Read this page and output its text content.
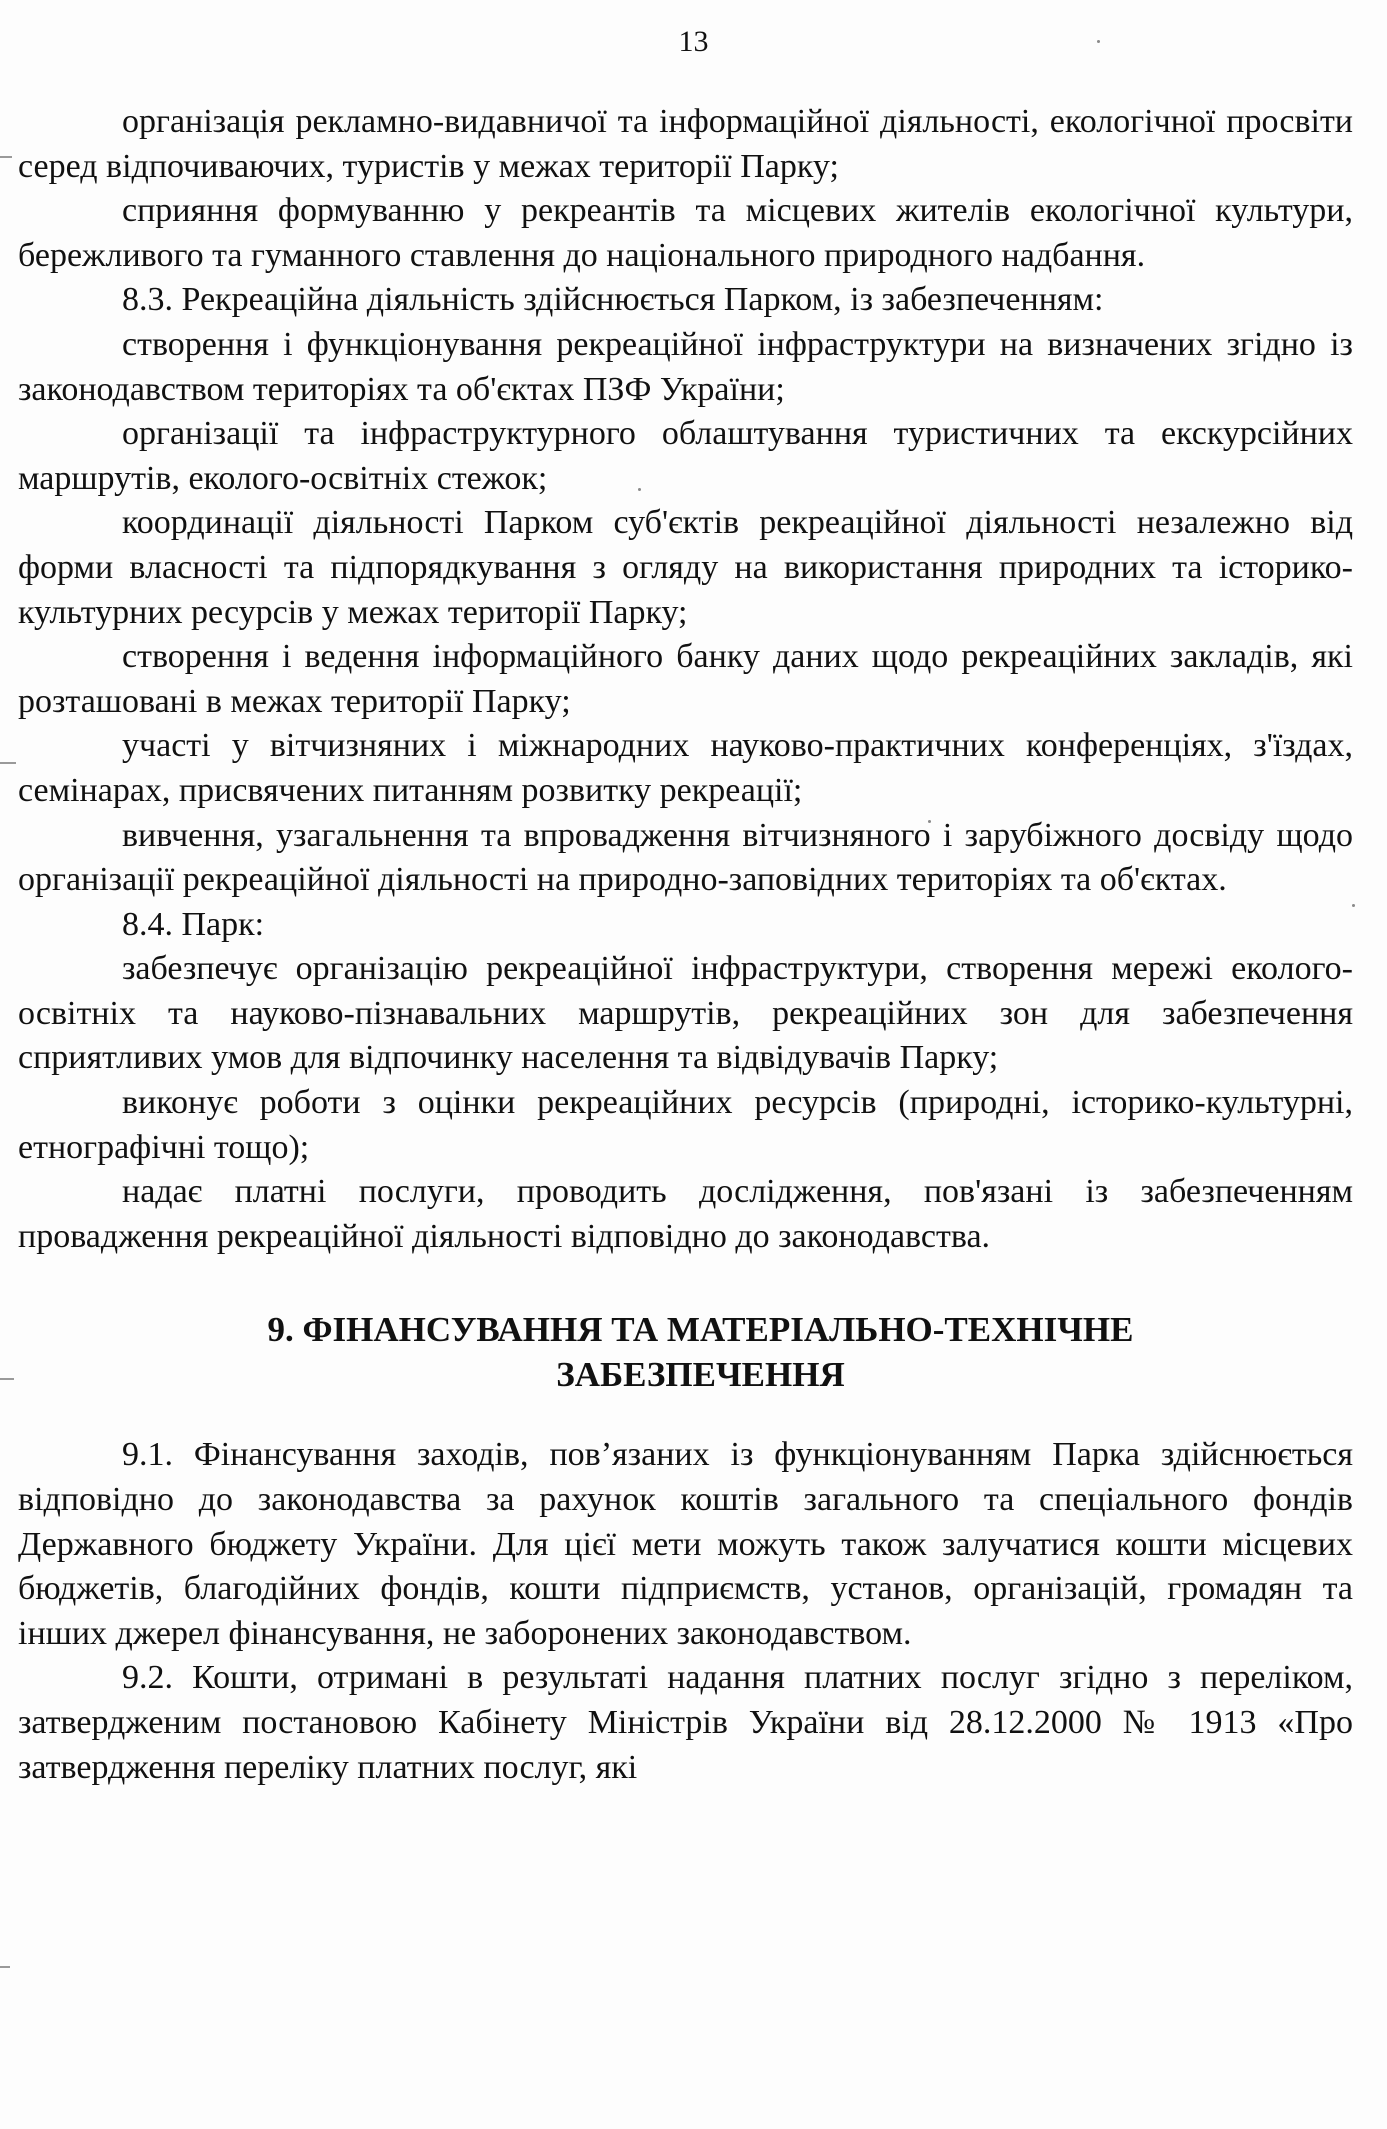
13

організація рекламно-видавничої та інформаційної діяльності, екологічної просвіти серед відпочиваючих, туристів у межах території Парку;

сприяння формуванню у рекреантів та місцевих жителів екологічної культури, бережливого та гуманного ставлення до національного природного надбання.

8.3. Рекреаційна діяльність здійснюється Парком, із забезпеченням:

створення і функціонування рекреаційної інфраструктури на визначених згідно із законодавством територіях та об'єктах ПЗФ України;

організації та інфраструктурного облаштування туристичних та екскурсійних маршрутів, еколого-освітніх стежок;

координації діяльності Парком суб'єктів рекреаційної діяльності незалежно від форми власності та підпорядкування з огляду на використання природних та історико-культурних ресурсів у межах території Парку;

створення і ведення інформаційного банку даних щодо рекреаційних закладів, які розташовані в межах території Парку;

участі у вітчизняних і міжнародних науково-практичних конференціях, з'їздах, семінарах, присвячених питанням розвитку рекреації;

вивчення, узагальнення та впровадження вітчизняного і зарубіжного досвіду щодо організації рекреаційної діяльності на природно-заповідних територіях та об'єктах.

8.4. Парк:

забезпечує організацію рекреаційної інфраструктури, створення мережі еколого-освітніх та науково-пізнавальних маршрутів, рекреаційних зон для забезпечення сприятливих умов для відпочинку населення та відвідувачів Парку;

виконує роботи з оцінки рекреаційних ресурсів (природні, історико-культурні, етнографічні тощо);

надає платні послуги, проводить дослідження, пов'язані із забезпеченням провадження рекреаційної діяльності відповідно до законодавства.

9. ФІНАНСУВАННЯ ТА МАТЕРІАЛЬНО-ТЕХНІЧНЕ
ЗАБЕЗПЕЧЕННЯ

9.1. Фінансування заходів, пов’язаних із функціонуванням Парка здійснюється відповідно до законодавства за рахунок коштів загального та спеціального фондів Державного бюджету України. Для цієї мети можуть також залучатися кошти місцевих бюджетів, благодійних фондів, кошти підприємств, установ, організацій, громадян та інших джерел фінансування, не заборонених законодавством.

9.2. Кошти, отримані в результаті надання платних послуг згідно з переліком, затвердженим постановою Кабінету Міністрів України від 28.12.2000 № 1913 «Про затвердження переліку платних послуг, які
